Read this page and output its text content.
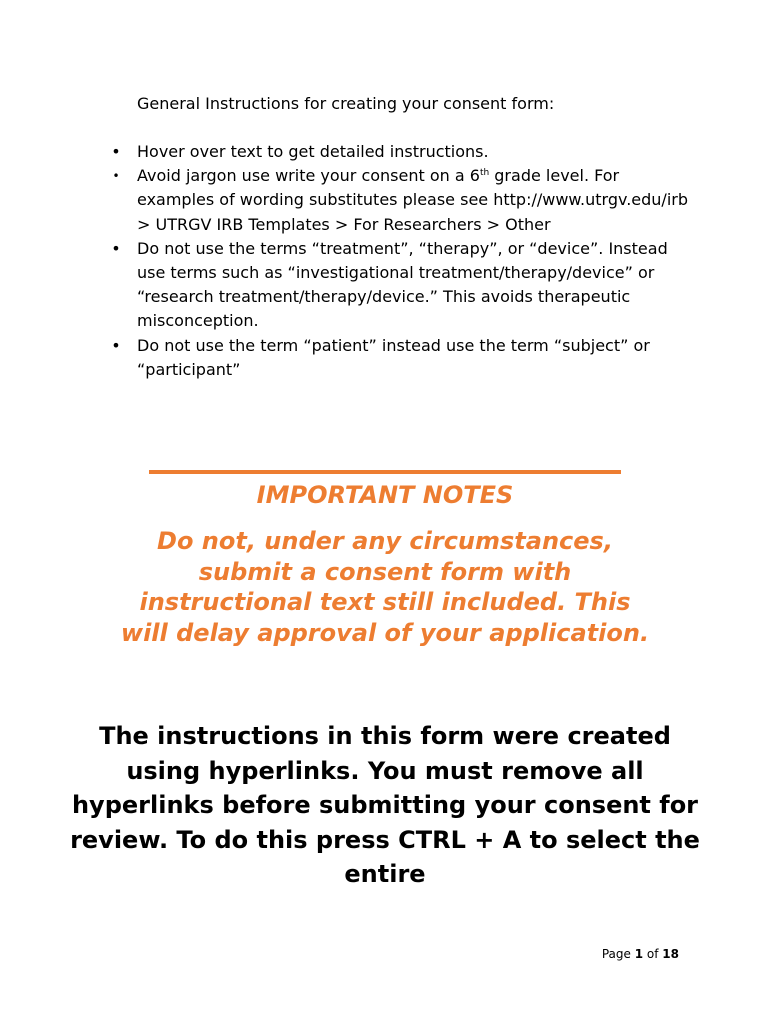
General Instructions for creating your consent form:

• Hover over text to get detailed instructions.
• Avoid jargon use write your consent on a 6th grade level. For examples of wording substitutes please see http://www.utrgv.edu/irb > UTRGV IRB Templates > For Researchers > Other
• Do not use the terms “treatment”, “therapy”, or “device”. Instead use terms such as “investigational treatment/therapy/device” or “research treatment/therapy/device.” This avoids therapeutic misconception.
• Do not use the term “patient” instead use the term “subject” or “participant”

IMPORTANT NOTES

Do not, under any circumstances, submit a consent form with instructional text still included. This will delay approval of your application.

The instructions in this form were created using hyperlinks. You must remove all hyperlinks before submitting your consent for review. To do this press CTRL + A to select the entire

Page 1 of 18
